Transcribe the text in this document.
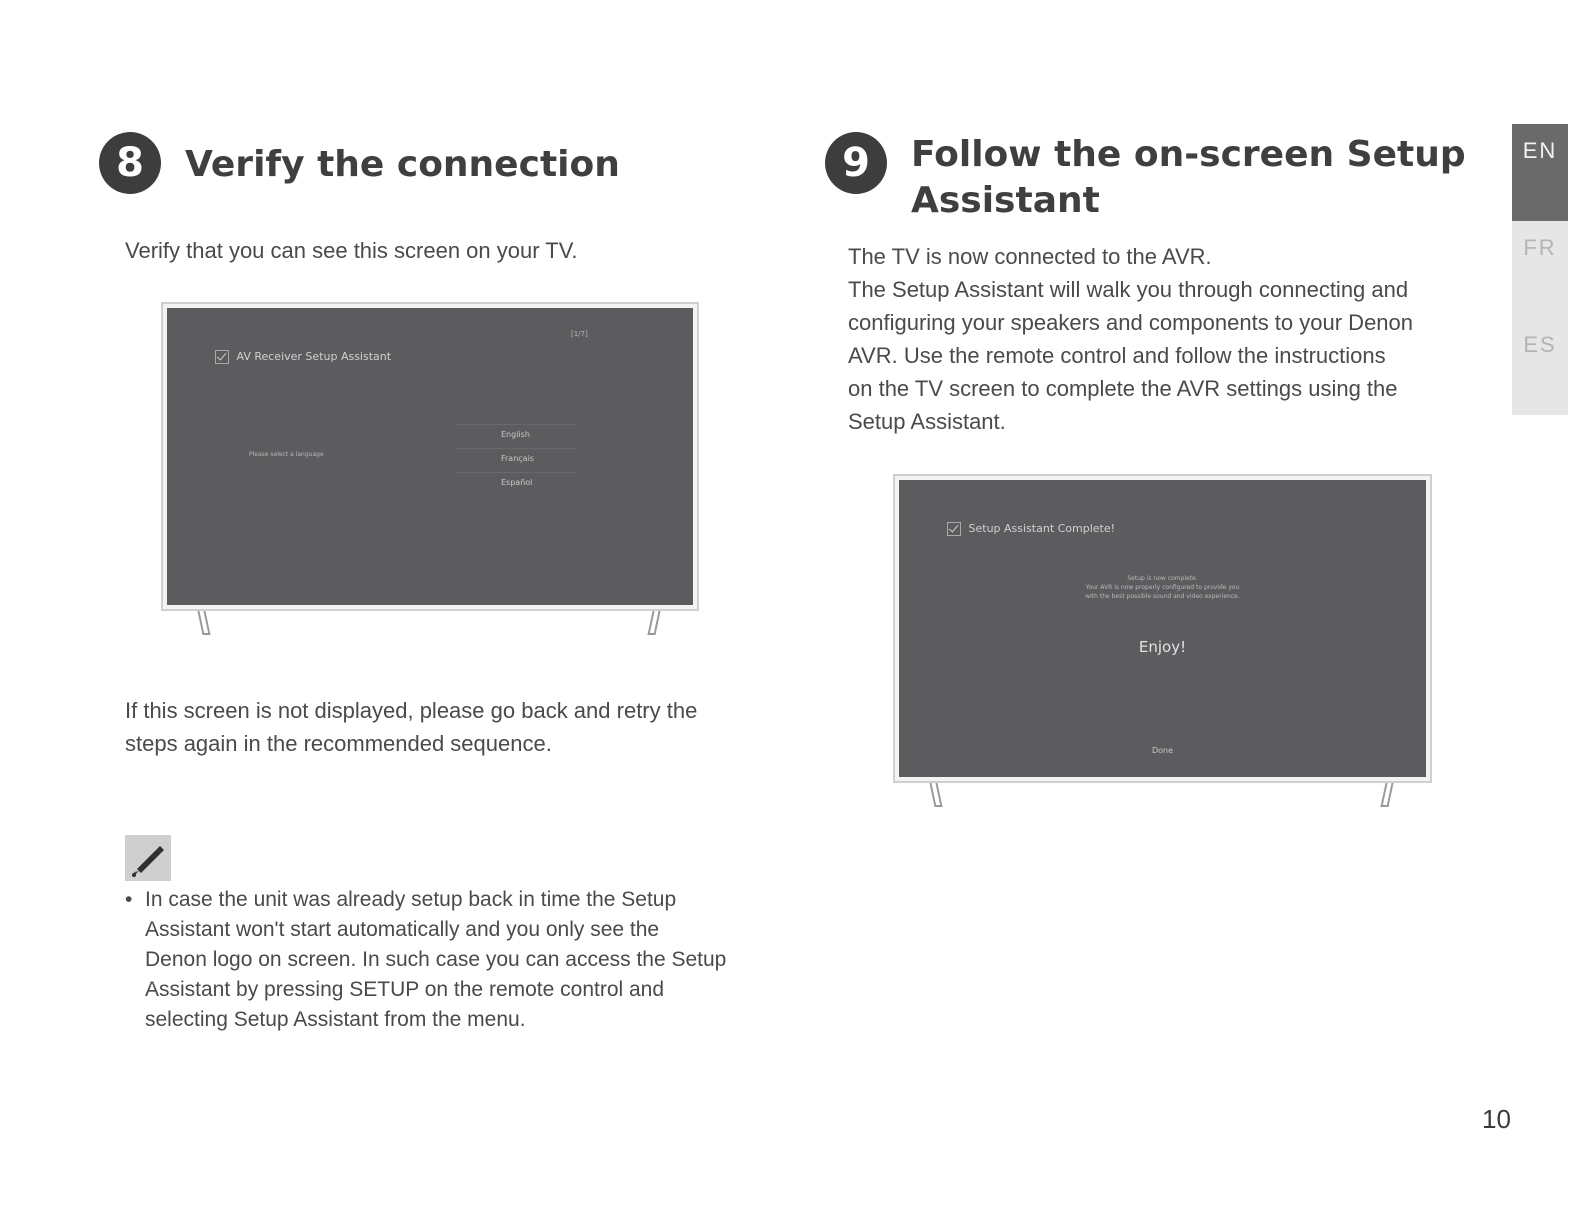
8 Verify the connection
Verify that you can see this screen on your TV.
[1/7]
AV Receiver Setup Assistant
Please select a language
English
Français
Español
If this screen is not displayed, please go back and retry the
steps again in the recommended sequence.
• In case the unit was already setup back in time the Setup
Assistant won't start automatically and you only see the
Denon logo on screen. In such case you can access the Setup
Assistant by pressing SETUP on the remote control and
selecting Setup Assistant from the menu.
9 Follow the on-screen Setup
Assistant
The TV is now connected to the AVR.
The Setup Assistant will walk you through connecting and
configuring your speakers and components to your Denon
AVR. Use the remote control and follow the instructions
on the TV screen to complete the AVR settings using the
Setup Assistant.
Setup Assistant Complete!
Setup is now complete.
Your AVR is now properly configured to provide you
with the best possible sound and video experience.
Enjoy!
Done
EN
FR
ES
10
